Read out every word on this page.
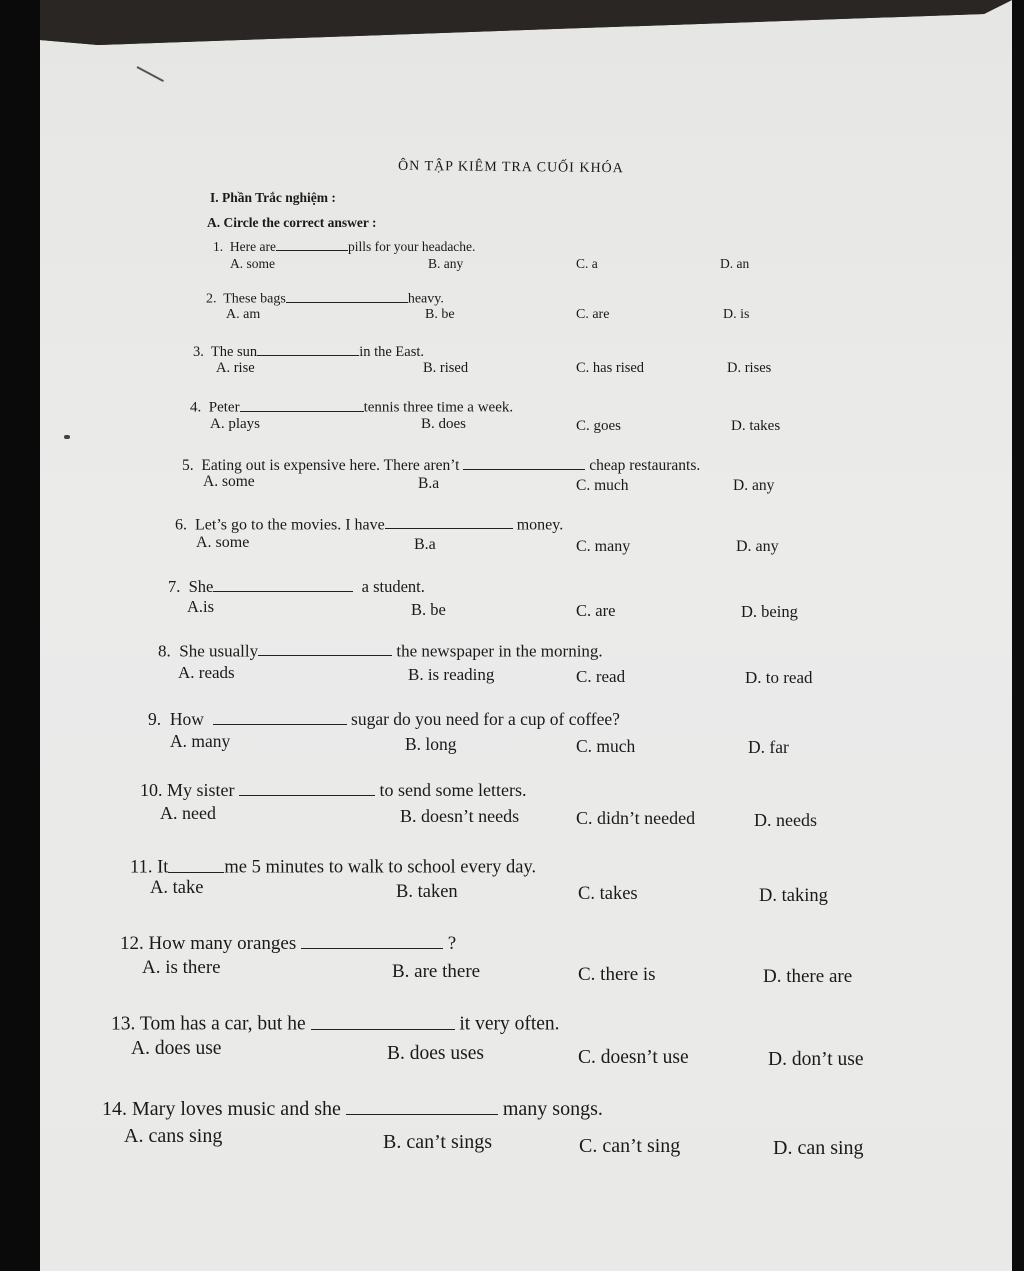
ÔN TẬP KIÊM TRA CUỐI KHÓA
I. Phần Trắc nghiệm :
A. Circle the correct answer :
1. Here are	pills for your headache.
A. some	B. any	C. a	D. an
2. These bags	heavy.
A. am	B. be	C. are	D. is
3. The sun	in the East.
A. rise	B. rised	C. has rised	D. rises
4. Peter	tennis three time a week.
A. plays	B. does	C. goes	D. takes
5. Eating out is expensive here. There aren’t	cheap restaurants.
A. some	B.a	C. much	D. any
6. Let’s go to the movies. I have	money.
A. some	B.a	C. many	D. any
7. She	a student.
A.is	B. be	C. are	D. being
8. She usually	the newspaper in the morning.
A. reads	B. is reading	C. read	D. to read
9. How	sugar do you need for a cup of coffee?
A. many	B. long	C. much	D. far
10. My sister	to send some letters.
A. need	B. doesn’t needs	C. didn’t needed	D. needs
11. It	me 5 minutes to walk to school every day.
A. take	B. taken	C. takes	D. taking
12. How many oranges	?
A. is there	B. are there	C. there is	D. there are
13. Tom has a car, but he	it very often.
A. does use	B. does uses	C. doesn’t use	D. don’t use
14. Mary loves music and she	many songs.
A. cans sing	B. can’t sings	C. can’t sing	D. can sing
